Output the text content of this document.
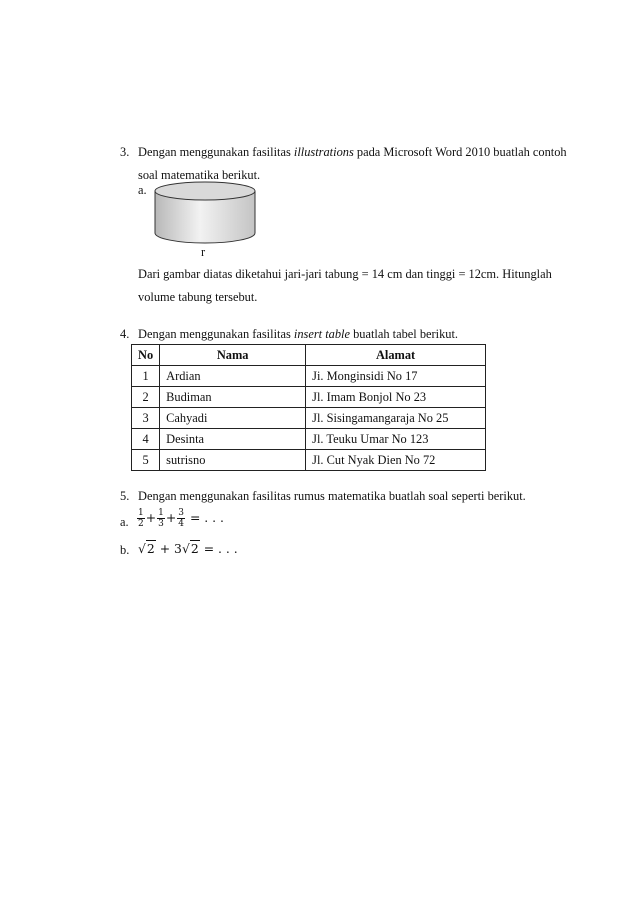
3. Dengan menggunakan fasilitas illustrations pada Microsoft Word 2010 buatlah contoh
soal matematika berikut.
a.
r
Dari gambar diatas diketahui jari-jari tabung = 14 cm dan tinggi = 12cm. Hitunglah
volume tabung tersebut.
4. Dengan menggunakan fasilitas insert table buatlah tabel berikut.
No	Nama	Alamat
1	Ardian	Ji. Monginsidi No 17
2	Budiman	Jl. Imam Bonjol No 23
3	Cahyadi	Jl. Sisingamangaraja No 25
4	Desinta	Jl. Teuku Umar No 123
5	sutrisno	Jl. Cut Nyak Dien No 72
5. Dengan menggunakan fasilitas rumus matematika buatlah soal seperti berikut.
a. $\frac{1}{2} + \frac{1}{3} + \frac{3}{4}$ = . . .
b. √2 + 3√2 = . . .
